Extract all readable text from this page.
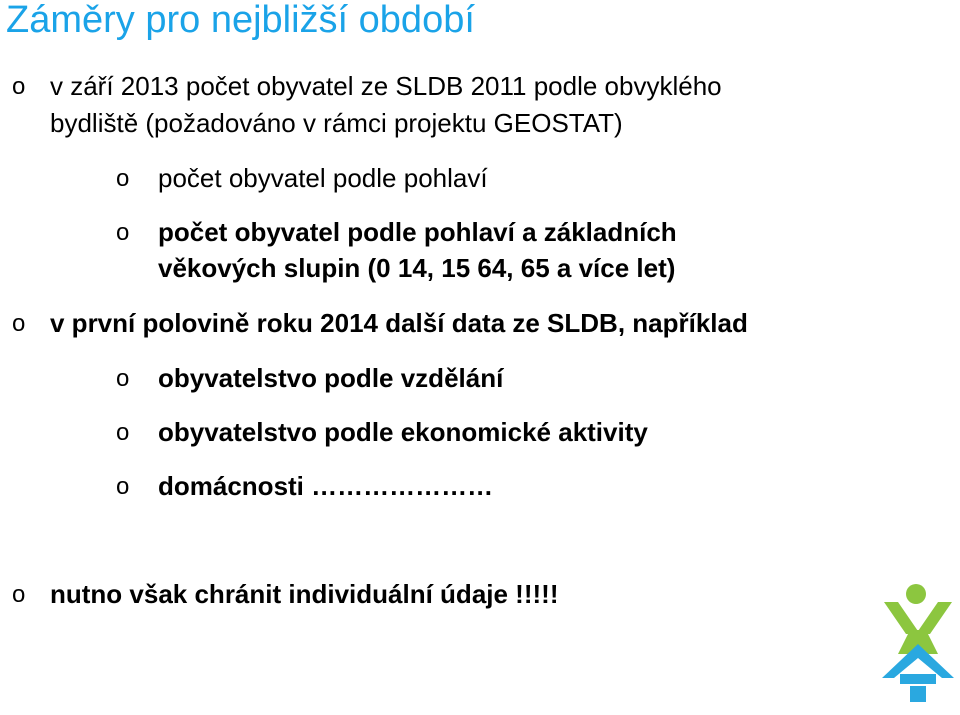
Záměry pro nejbližší období
o v září 2013 počet obyvatel ze SLDB 2011 podle obvyklého
bydliště (požadováno v rámci projektu GEOSTAT)
o počet obyvatel podle pohlaví
o počet obyvatel podle pohlaví a základních
věkových slupin (0 14, 15 64, 65 a více let)
o v první polovině roku 2014 další data ze SLDB, například
o obyvatelstvo podle vzdělání
o obyvatelstvo podle ekonomické aktivity
o domácnosti …………………
o nutno však chránit individuální údaje !!!!!
